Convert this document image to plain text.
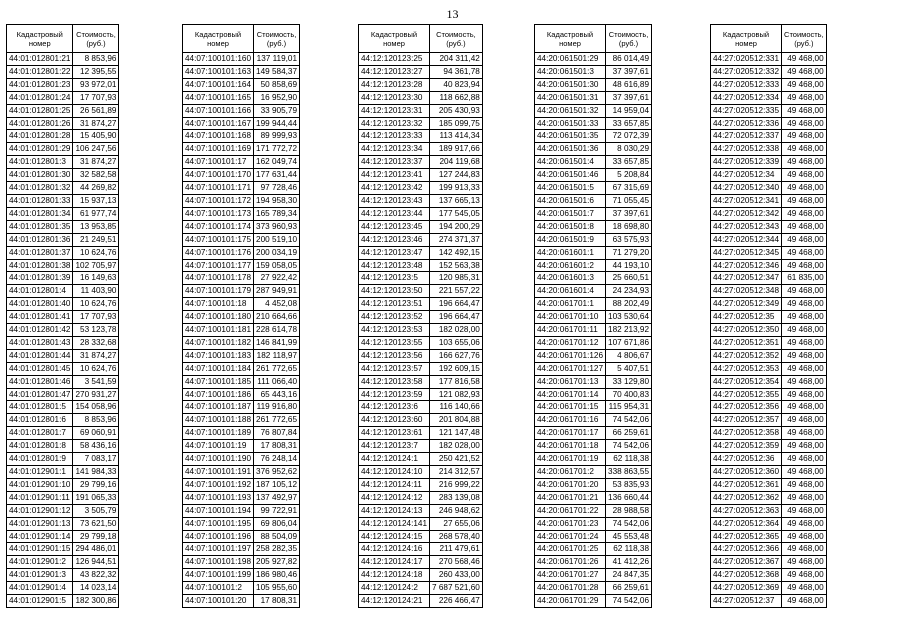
13
Кадастровый номер	Стоимость, (руб.)
44:01:012801:21	8 853,96
44:01:012801:22	12 395,55
44:01:012801:23	93 972,01
44:01:012801:24	17 707,93
44:01:012801:25	26 561,89
44:01:012801:26	31 874,27
44:01:012801:28	15 405,90
44:01:012801:29	106 247,56
44:01:012801:3	31 874,27
44:01:012801:30	32 582,58
44:01:012801:32	44 269,82
44:01:012801:33	15 937,13
44:01:012801:34	61 977,74
44:01:012801:35	13 953,85
44:01:012801:36	21 249,51
44:01:012801:37	10 624,76
44:01:012801:38	102 705,97
44:01:012801:39	16 149,63
44:01:012801:4	11 403,90
44:01:012801:40	10 624,76
44:01:012801:41	17 707,93
44:01:012801:42	53 123,78
44:01:012801:43	28 332,68
44:01:012801:44	31 874,27
44:01:012801:45	10 624,76
44:01:012801:46	3 541,59
44:01:012801:47	270 931,27
44:01:012801:5	154 058,96
44:01:012801:6	8 853,96
44:01:012801:7	69 060,91
44:01:012801:8	58 436,16
44:01:012801:9	7 083,17
44:01:012901:1	141 984,33
44:01:012901:10	29 799,16
44:01:012901:11	191 065,33
44:01:012901:12	3 505,79
44:01:012901:13	73 621,50
44:01:012901:14	29 799,18
44:01:012901:15	294 486,01
44:01:012901:2	126 944,51
44:01:012901:3	43 822,32
44:01:012901:4	14 023,14
44:01:012901:5	182 300,86
Кадастровый номер	Стоимость, (руб.)
44:07:100101:160	137 119,01
44:07:100101:163	149 584,37
44:07:100101:164	50 858,69
44:07:100101:165	16 952,90
44:07:100101:166	33 905,79
44:07:100101:167	199 944,44
44:07:100101:168	89 999,93
44:07:100101:169	171 772,72
44:07:100101:17	162 049,74
44:07:100101:170	177 631,44
44:07:100101:171	97 728,46
44:07:100101:172	194 958,30
44:07:100101:173	165 789,34
44:07:100101:174	373 960,93
44:07:100101:175	200 519,10
44:07:100101:176	200 034,19
44:07:100101:177	159 058,05
44:07:100101:178	27 922,42
44:07:100101:179	287 949,91
44:07:100101:18	4 452,08
44:07:100101:180	210 664,66
44:07:100101:181	228 614,78
44:07:100101:182	146 841,99
44:07:100101:183	182 118,97
44:07:100101:184	261 772,65
44:07:100101:185	111 066,40
44:07:100101:186	65 443,16
44:07:100101:187	119 916,80
44:07:100101:188	261 772,65
44:07:100101:189	76 807,84
44:07:100101:19	17 808,31
44:07:100101:190	76 248,14
44:07:100101:191	376 952,62
44:07:100101:192	187 105,12
44:07:100101:193	137 492,97
44:07:100101:194	99 722,91
44:07:100101:195	69 806,04
44:07:100101:196	88 504,09
44:07:100101:197	258 282,35
44:07:100101:198	205 927,82
44:07:100101:199	186 980,46
44:07:100101:2	105 955,60
44:07:100101:20	17 808,31
Кадастровый номер	Стоимость, (руб.)
44:12:120123:25	204 311,42
44:12:120123:27	94 361,78
44:12:120123:28	40 823,94
44:12:120123:30	118 662,88
44:12:120123:31	205 430,93
44:12:120123:32	185 099,75
44:12:120123:33	113 414,34
44:12:120123:34	189 917,66
44:12:120123:37	204 119,68
44:12:120123:41	127 244,83
44:12:120123:42	199 913,33
44:12:120123:43	137 665,13
44:12:120123:44	177 545,05
44:12:120123:45	194 200,29
44:12:120123:46	274 371,37
44:12:120123:47	142 492,15
44:12:120123:48	152 563,38
44:12:120123:5	120 985,31
44:12:120123:50	221 557,22
44:12:120123:51	196 664,47
44:12:120123:52	196 664,47
44:12:120123:53	182 028,00
44:12:120123:55	103 655,06
44:12:120123:56	166 627,76
44:12:120123:57	192 609,15
44:12:120123:58	177 816,58
44:12:120123:59	121 082,93
44:12:120123:6	116 140,66
44:12:120123:60	201 804,88
44:12:120123:61	121 147,48
44:12:120123:7	182 028,00
44:12:120124:1	250 421,52
44:12:120124:10	214 312,57
44:12:120124:11	216 999,22
44:12:120124:12	283 139,08
44:12:120124:13	246 948,62
44:12:120124:141	27 655,06
44:12:120124:15	268 578,40
44:12:120124:16	211 479,61
44:12:120124:17	270 568,46
44:12:120124:18	260 433,00
44:12:120124:2	7 687 521,60
44:12:120124:21	226 466,47
Кадастровый номер	Стоимость, (руб.)
44:20:061501:29	86 014,49
44:20:061501:3	37 397,61
44:20:061501:30	48 616,89
44:20:061501:31	37 397,61
44:20:061501:32	14 959,04
44:20:061501:33	33 657,85
44:20:061501:35	72 072,39
44:20:061501:36	8 030,29
44:20:061501:4	33 657,85
44:20:061501:46	5 208,84
44:20:061501:5	67 315,69
44:20:061501:6	71 055,45
44:20:061501:7	37 397,61
44:20:061501:8	18 698,80
44:20:061501:9	63 575,93
44:20:061601:1	71 279,20
44:20:061601:2	44 193,10
44:20:061601:3	25 660,51
44:20:061601:4	24 234,93
44:20:061701:1	88 202,49
44:20:061701:10	103 530,64
44:20:061701:11	182 213,92
44:20:061701:12	107 671,86
44:20:061701:126	4 806,67
44:20:061701:127	5 407,51
44:20:061701:13	33 129,80
44:20:061701:14	70 400,83
44:20:061701:15	115 954,31
44:20:061701:16	74 542,06
44:20:061701:17	66 259,61
44:20:061701:18	74 542,06
44:20:061701:19	62 118,38
44:20:061701:2	338 863,55
44:20:061701:20	53 835,93
44:20:061701:21	136 660,44
44:20:061701:22	28 988,58
44:20:061701:23	74 542,06
44:20:061701:24	45 553,48
44:20:061701:25	62 118,38
44:20:061701:26	41 412,26
44:20:061701:27	24 847,35
44:20:061701:28	66 259,61
44:20:061701:29	74 542,06
Кадастровый номер	Стоимость, (руб.)
44:27:020512:331	49 468,00
44:27:020512:332	49 468,00
44:27:020512:333	49 468,00
44:27:020512:334	49 468,00
44:27:020512:335	49 468,00
44:27:020512:336	49 468,00
44:27:020512:337	49 468,00
44:27:020512:338	49 468,00
44:27:020512:339	49 468,00
44:27:020512:34	49 468,00
44:27:020512:340	49 468,00
44:27:020512:341	49 468,00
44:27:020512:342	49 468,00
44:27:020512:343	49 468,00
44:27:020512:344	49 468,00
44:27:020512:345	49 468,00
44:27:020512:346	49 468,00
44:27:020512:347	61 835,00
44:27:020512:348	49 468,00
44:27:020512:349	49 468,00
44:27:020512:35	49 468,00
44:27:020512:350	49 468,00
44:27:020512:351	49 468,00
44:27:020512:352	49 468,00
44:27:020512:353	49 468,00
44:27:020512:354	49 468,00
44:27:020512:355	49 468,00
44:27:020512:356	49 468,00
44:27:020512:357	49 468,00
44:27:020512:358	49 468,00
44:27:020512:359	49 468,00
44:27:020512:36	49 468,00
44:27:020512:360	49 468,00
44:27:020512:361	49 468,00
44:27:020512:362	49 468,00
44:27:020512:363	49 468,00
44:27:020512:364	49 468,00
44:27:020512:365	49 468,00
44:27:020512:366	49 468,00
44:27:020512:367	49 468,00
44:27:020512:368	49 468,00
44:27:020512:369	49 468,00
44:27:020512:37	49 468,00
